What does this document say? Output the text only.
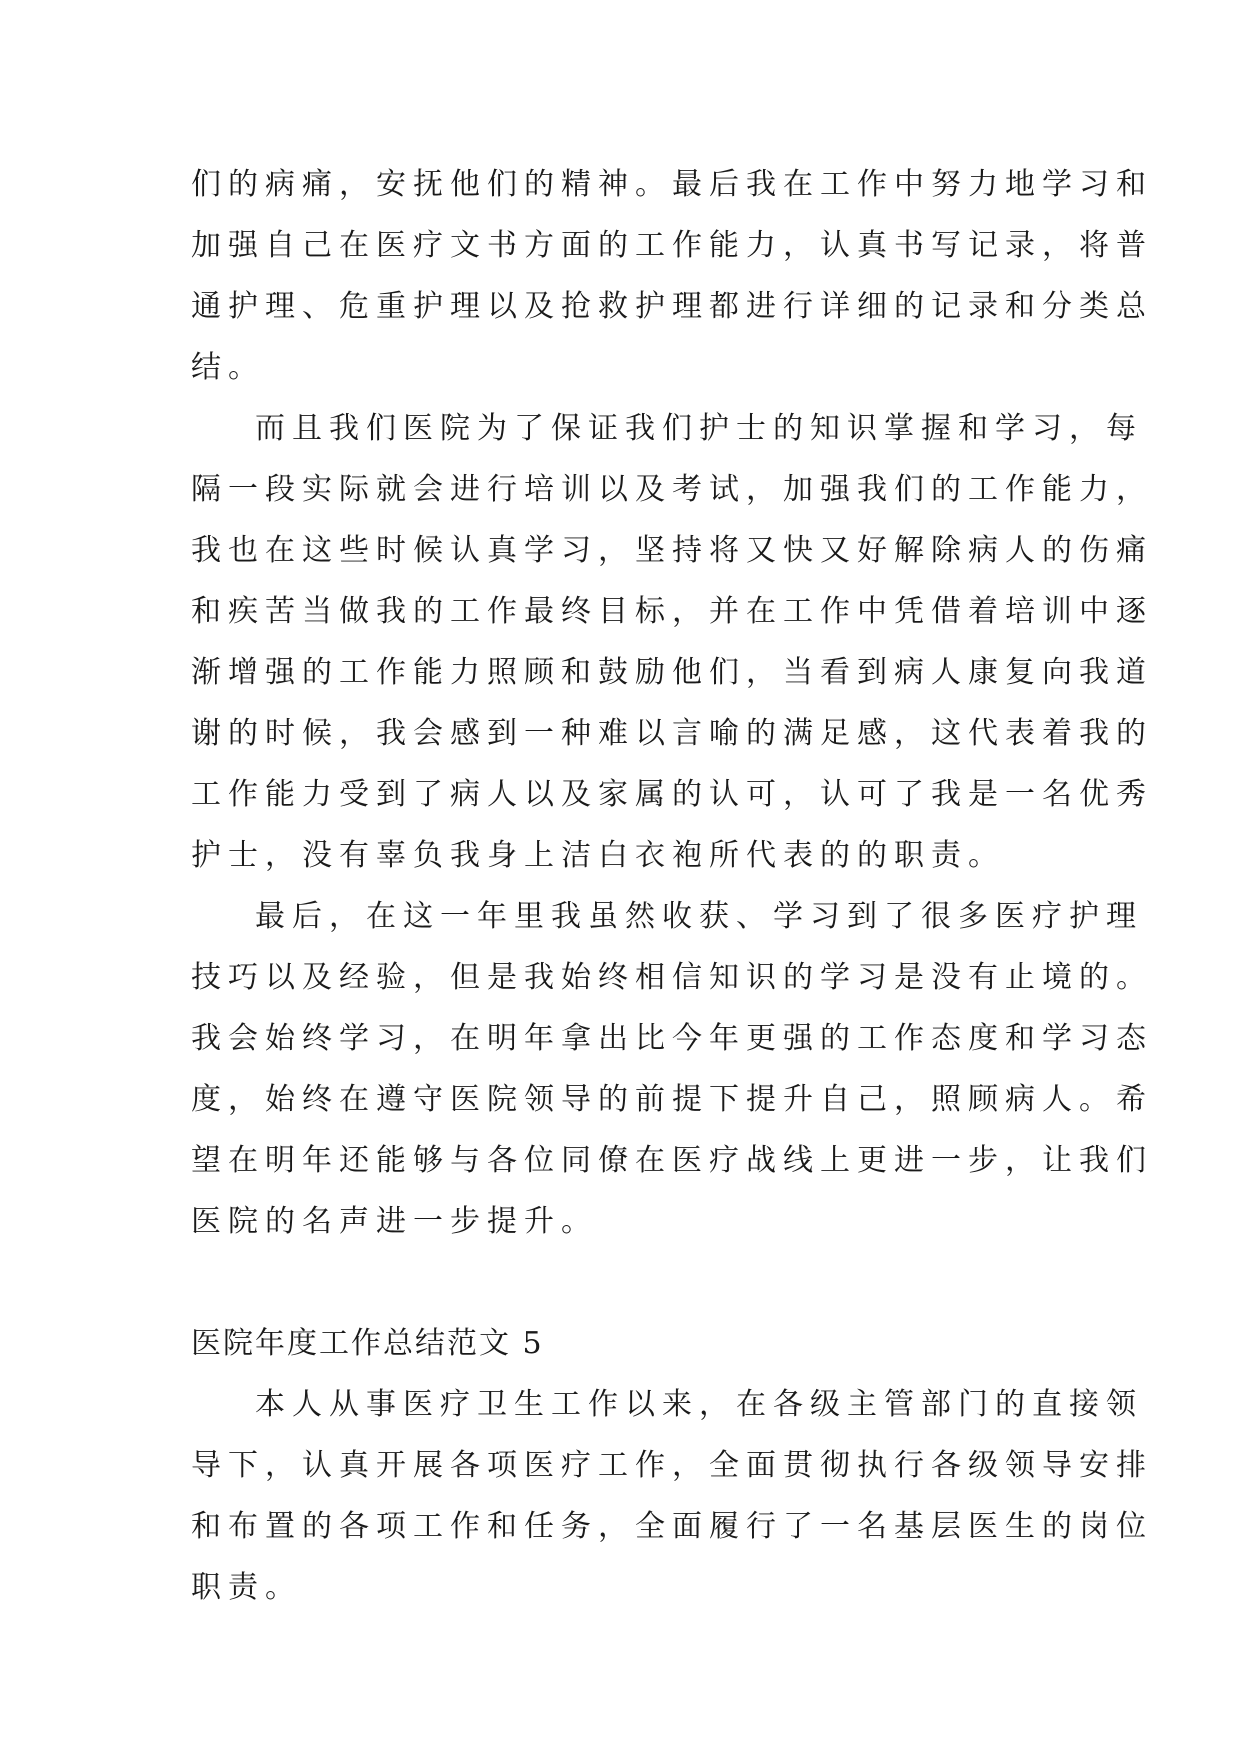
们的病痛，安抚他们的精神。最后我在工作中努力地学习和
加强自己在医疗文书方面的工作能力，认真书写记录，将普
通护理、危重护理以及抢救护理都进行详细的记录和分类总
结。
而且我们医院为了保证我们护士的知识掌握和学习，每
隔一段实际就会进行培训以及考试，加强我们的工作能力，
我也在这些时候认真学习，坚持将又快又好解除病人的伤痛
和疾苦当做我的工作最终目标，并在工作中凭借着培训中逐
渐增强的工作能力照顾和鼓励他们，当看到病人康复向我道
谢的时候，我会感到一种难以言喻的满足感，这代表着我的
工作能力受到了病人以及家属的认可，认可了我是一名优秀
护士，没有辜负我身上洁白衣袍所代表的的职责。
最后，在这一年里我虽然收获、学习到了很多医疗护理
技巧以及经验，但是我始终相信知识的学习是没有止境的。
我会始终学习，在明年拿出比今年更强的工作态度和学习态
度，始终在遵守医院领导的前提下提升自己，照顾病人。希
望在明年还能够与各位同僚在医疗战线上更进一步，让我们
医院的名声进一步提升。
医院年度工作总结范文 5
本人从事医疗卫生工作以来，在各级主管部门的直接领
导下，认真开展各项医疗工作，全面贯彻执行各级领导安排
和布置的各项工作和任务，全面履行了一名基层医生的岗位
职责。
